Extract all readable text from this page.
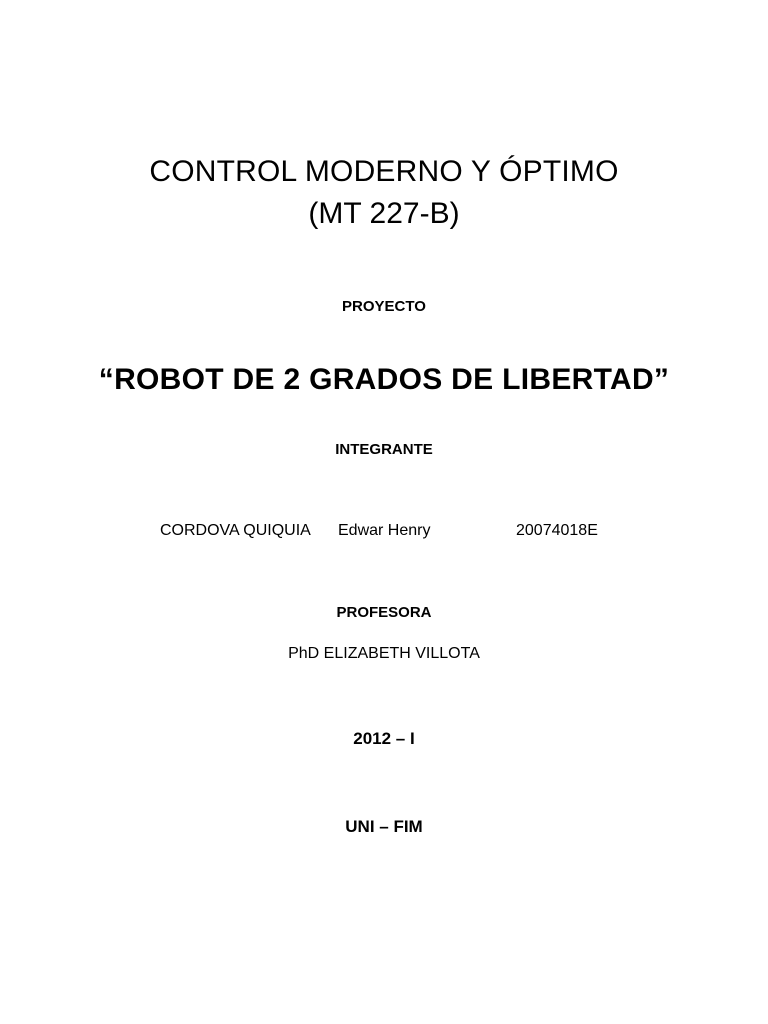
CONTROL MODERNO Y ÓPTIMO
(MT 227-B)
PROYECTO
“ROBOT DE 2 GRADOS DE LIBERTAD”
INTEGRANTE
CORDOVA QUIQUIA Edwar Henry	20074018E
PROFESORA
PhD ELIZABETH VILLOTA
2012 – I
UNI – FIM
